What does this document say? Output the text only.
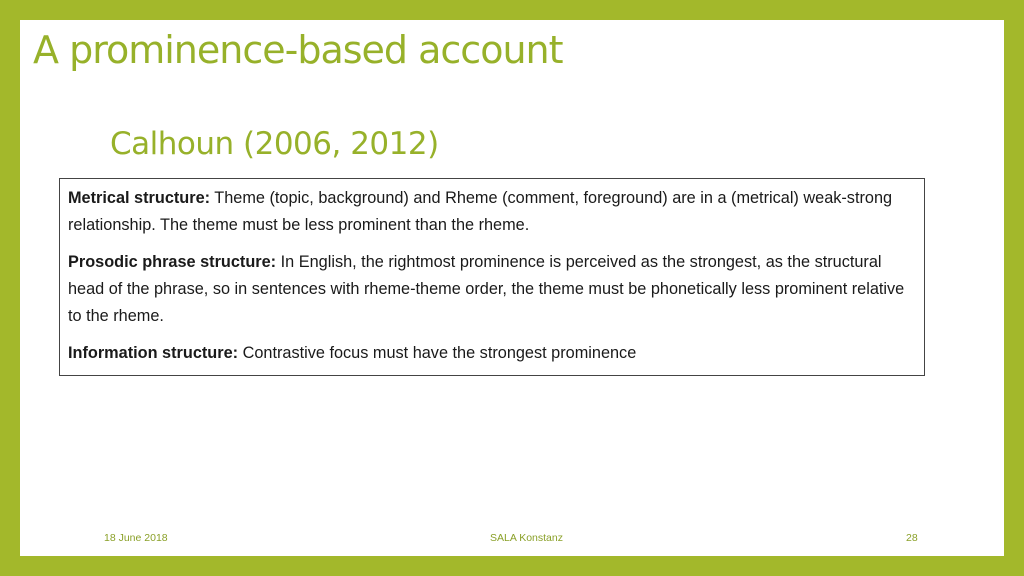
A prominence-based account
Calhoun (2006, 2012)

Metrical structure: Theme (topic, background) and Rheme (comment, foreground) are in a (metrical) weak-strong relationship. The theme must be less prominent than the rheme.

Prosodic phrase structure: In English, the rightmost prominence is perceived as the strongest, as the structural head of the phrase, so in sentences with rheme-theme order, the theme must be phonetically less prominent relative to the rheme.

Information structure: Contrastive focus must have the strongest prominence

18 June 2018	SALA Konstanz	28
